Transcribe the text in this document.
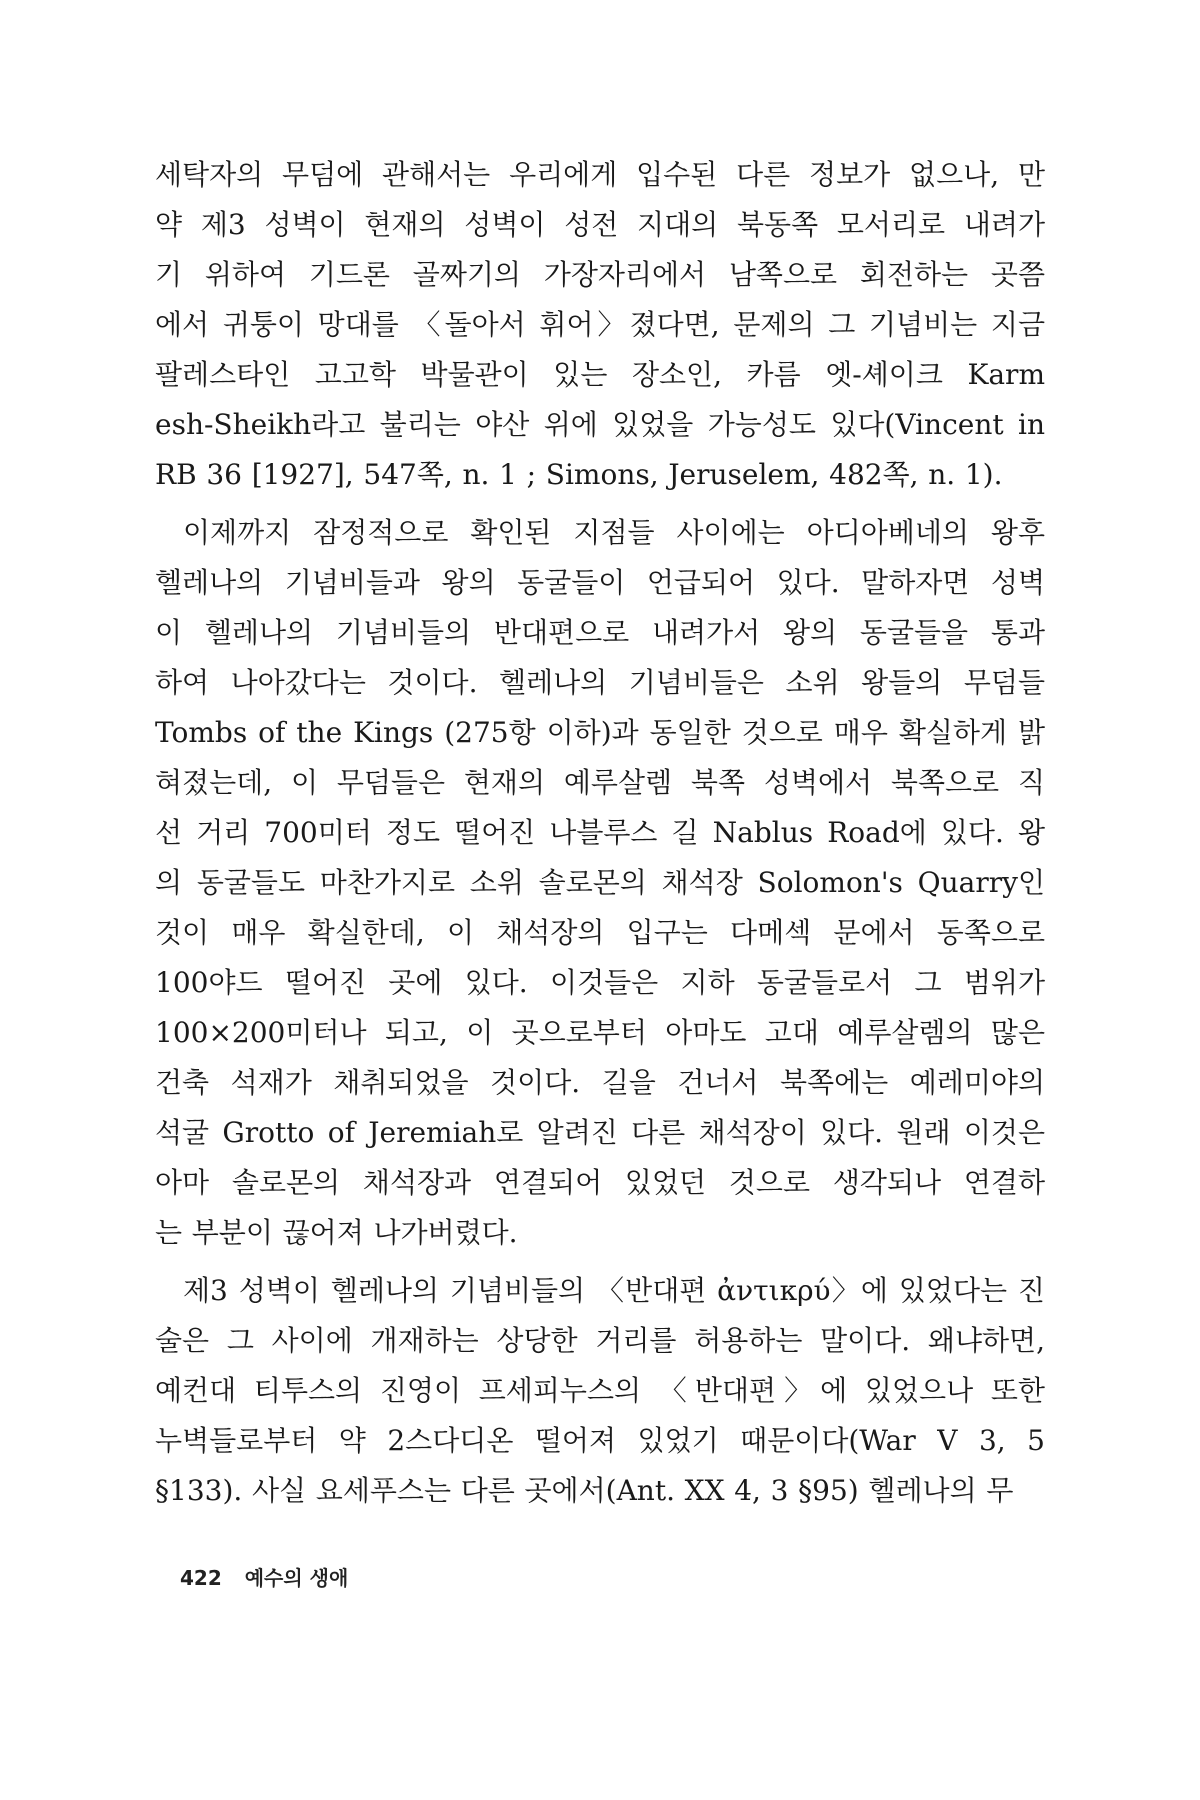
세탁자의 무덤에 관해서는 우리에게 입수된 다른 정보가 없으나, 만
약 제3 성벽이 현재의 성벽이 성전 지대의 북동쪽 모서리로 내려가
기 위하여 기드론 골짜기의 가장자리에서 남쪽으로 회전하는 곳쯤
에서 귀퉁이 망대를 〈돌아서 휘어〉졌다면, 문제의 그 기념비는 지금
팔레스타인 고고학 박물관이 있는 장소인, 카름 엣-셰이크 Karm
esh-Sheikh라고 불리는 야산 위에 있었을 가능성도 있다(Vincent in
RB 36 [1927], 547쪽, n. 1 ; Simons, Jeruselem, 482쪽, n. 1).
이제까지 잠정적으로 확인된 지점들 사이에는 아디아베네의 왕후
헬레나의 기념비들과 왕의 동굴들이 언급되어 있다. 말하자면 성벽
이 헬레나의 기념비들의 반대편으로 내려가서 왕의 동굴들을 통과
하여 나아갔다는 것이다. 헬레나의 기념비들은 소위 왕들의 무덤들
Tombs of the Kings (275항 이하)과 동일한 것으로 매우 확실하게 밝
혀졌는데, 이 무덤들은 현재의 예루살렘 북쪽 성벽에서 북쪽으로 직
선 거리 700미터 정도 떨어진 나블루스 길 Nablus Road에 있다. 왕
의 동굴들도 마찬가지로 소위 솔로몬의 채석장 Solomon's Quarry인
것이 매우 확실한데, 이 채석장의 입구는 다메섹 문에서 동쪽으로
100야드 떨어진 곳에 있다. 이것들은 지하 동굴들로서 그 범위가
100×200미터나 되고, 이 곳으로부터 아마도 고대 예루살렘의 많은
건축 석재가 채취되었을 것이다. 길을 건너서 북쪽에는 예레미야의
석굴 Grotto of Jeremiah로 알려진 다른 채석장이 있다. 원래 이것은
아마 솔로몬의 채석장과 연결되어 있었던 것으로 생각되나 연결하
는 부분이 끊어져 나가버렸다.
제3 성벽이 헬레나의 기념비들의 〈반대편 ἀντικρύ〉에 있었다는 진
술은 그 사이에 개재하는 상당한 거리를 허용하는 말이다. 왜냐하면,
예컨대 티투스의 진영이 프세피누스의 〈반대편〉에 있었으나 또한
누벽들로부터 약 2스다디온 떨어져 있었기 때문이다(War V 3, 5
§133). 사실 요세푸스는 다른 곳에서(Ant. XX 4, 3 §95) 헬레나의 무
422 예수의 생애
